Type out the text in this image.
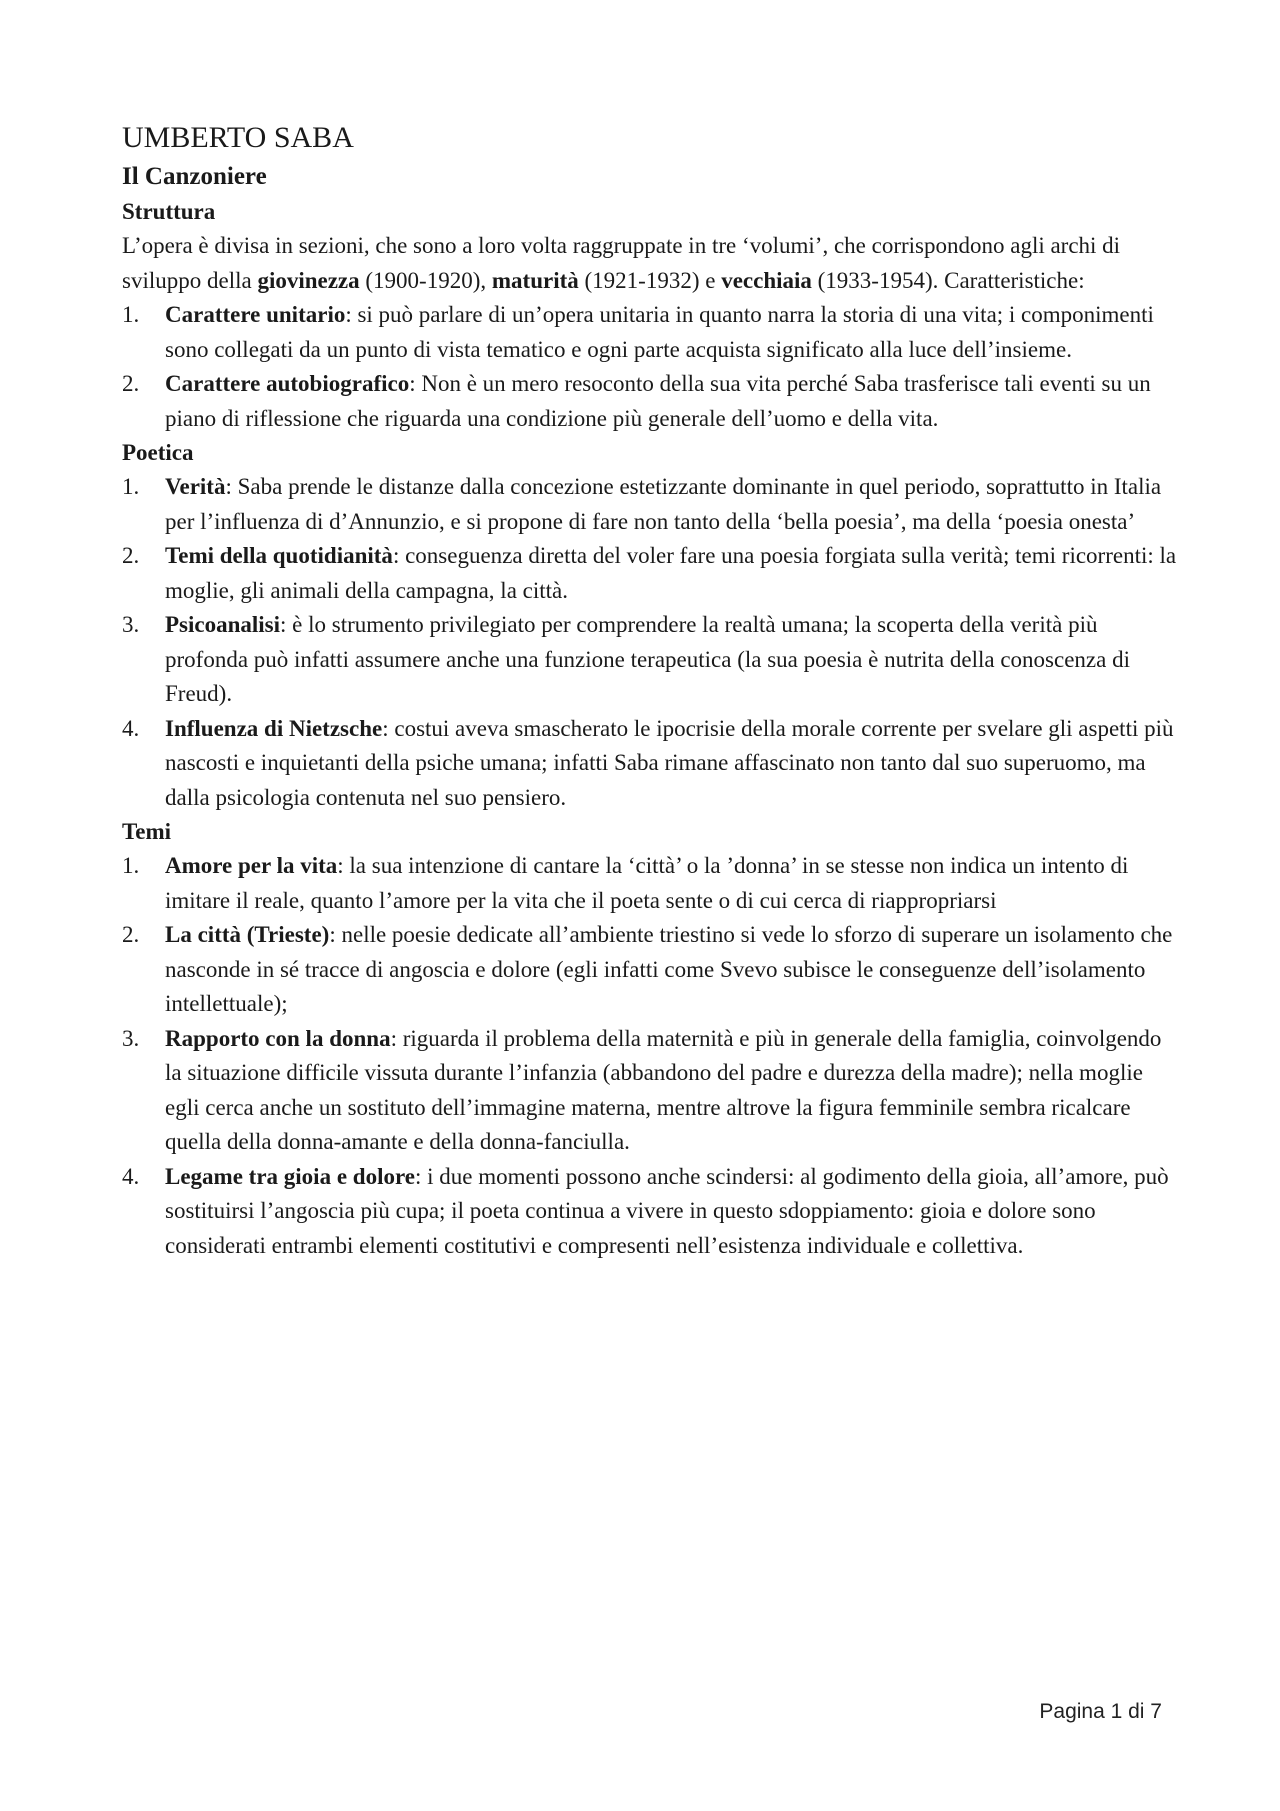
UMBERTO SABA
Il Canzoniere
Struttura

L’opera è divisa in sezioni, che sono a loro volta raggruppate in tre ‘volumi’, che corrispondono agli archi di sviluppo della giovinezza (1900-1920), maturità (1921-1932) e vecchiaia (1933-1954). Caratteristiche:

1. Carattere unitario: si può parlare di un’opera unitaria in quanto narra la storia di una vita; i componimenti sono collegati da un punto di vista tematico e ogni parte acquista significato alla luce dell’insieme.
2. Carattere autobiografico: Non è un mero resoconto della sua vita perché Saba trasferisce tali eventi su un piano di riflessione che riguarda una condizione più generale dell’uomo e della vita.
Poetica
1. Verità: Saba prende le distanze dalla concezione estetizzante dominante in quel periodo, soprattutto in Italia per l’influenza di d’Annunzio, e si propone di fare non tanto della ‘bella poesia’, ma della ‘poesia onesta’
2. Temi della quotidianità: conseguenza diretta del voler fare una poesia forgiata sulla verità; temi ricorrenti: la moglie, gli animali della campagna, la città.
3. Psicoanalisi: è lo strumento privilegiato per comprendere la realtà umana; la scoperta della verità più profonda può infatti assumere anche una funzione terapeutica (la sua poesia è nutrita della conoscenza di Freud).
4. Influenza di Nietzsche: costui aveva smascherato le ipocrisie della morale corrente per svelare gli aspetti più nascosti e inquietanti della psiche umana; infatti Saba rimane affascinato non tanto dal suo superuomo, ma dalla psicologia contenuta nel suo pensiero.
Temi
1. Amore per la vita: la sua intenzione di cantare la ‘città’ o la ’donna’ in se stesse non indica un intento di imitare il reale, quanto l’amore per la vita che il poeta sente o di cui cerca di riappropriarsi
2. La città (Trieste): nelle poesie dedicate all’ambiente triestino si vede lo sforzo di superare un isolamento che nasconde in sé tracce di angoscia e dolore (egli infatti come Svevo subisce le conseguenze dell’isolamento intellettuale);
3. Rapporto con la donna: riguarda il problema della maternità e più in generale della famiglia, coinvolgendo la situazione difficile vissuta durante l’infanzia (abbandono del padre e durezza della madre); nella moglie egli cerca anche un sostituto dell’immagine materna, mentre altrove la figura femminile sembra ricalcare quella della donna-amante e della donna-fanciulla.
4. Legame tra gioia e dolore: i due momenti possono anche scindersi: al godimento della gioia, all’amore, può sostituirsi l’angoscia più cupa; il poeta continua a vivere in questo sdoppiamento: gioia e dolore sono considerati entrambi elementi costitutivi e compresenti nell’esistenza individuale e collettiva.
Pagina 1 di 7
